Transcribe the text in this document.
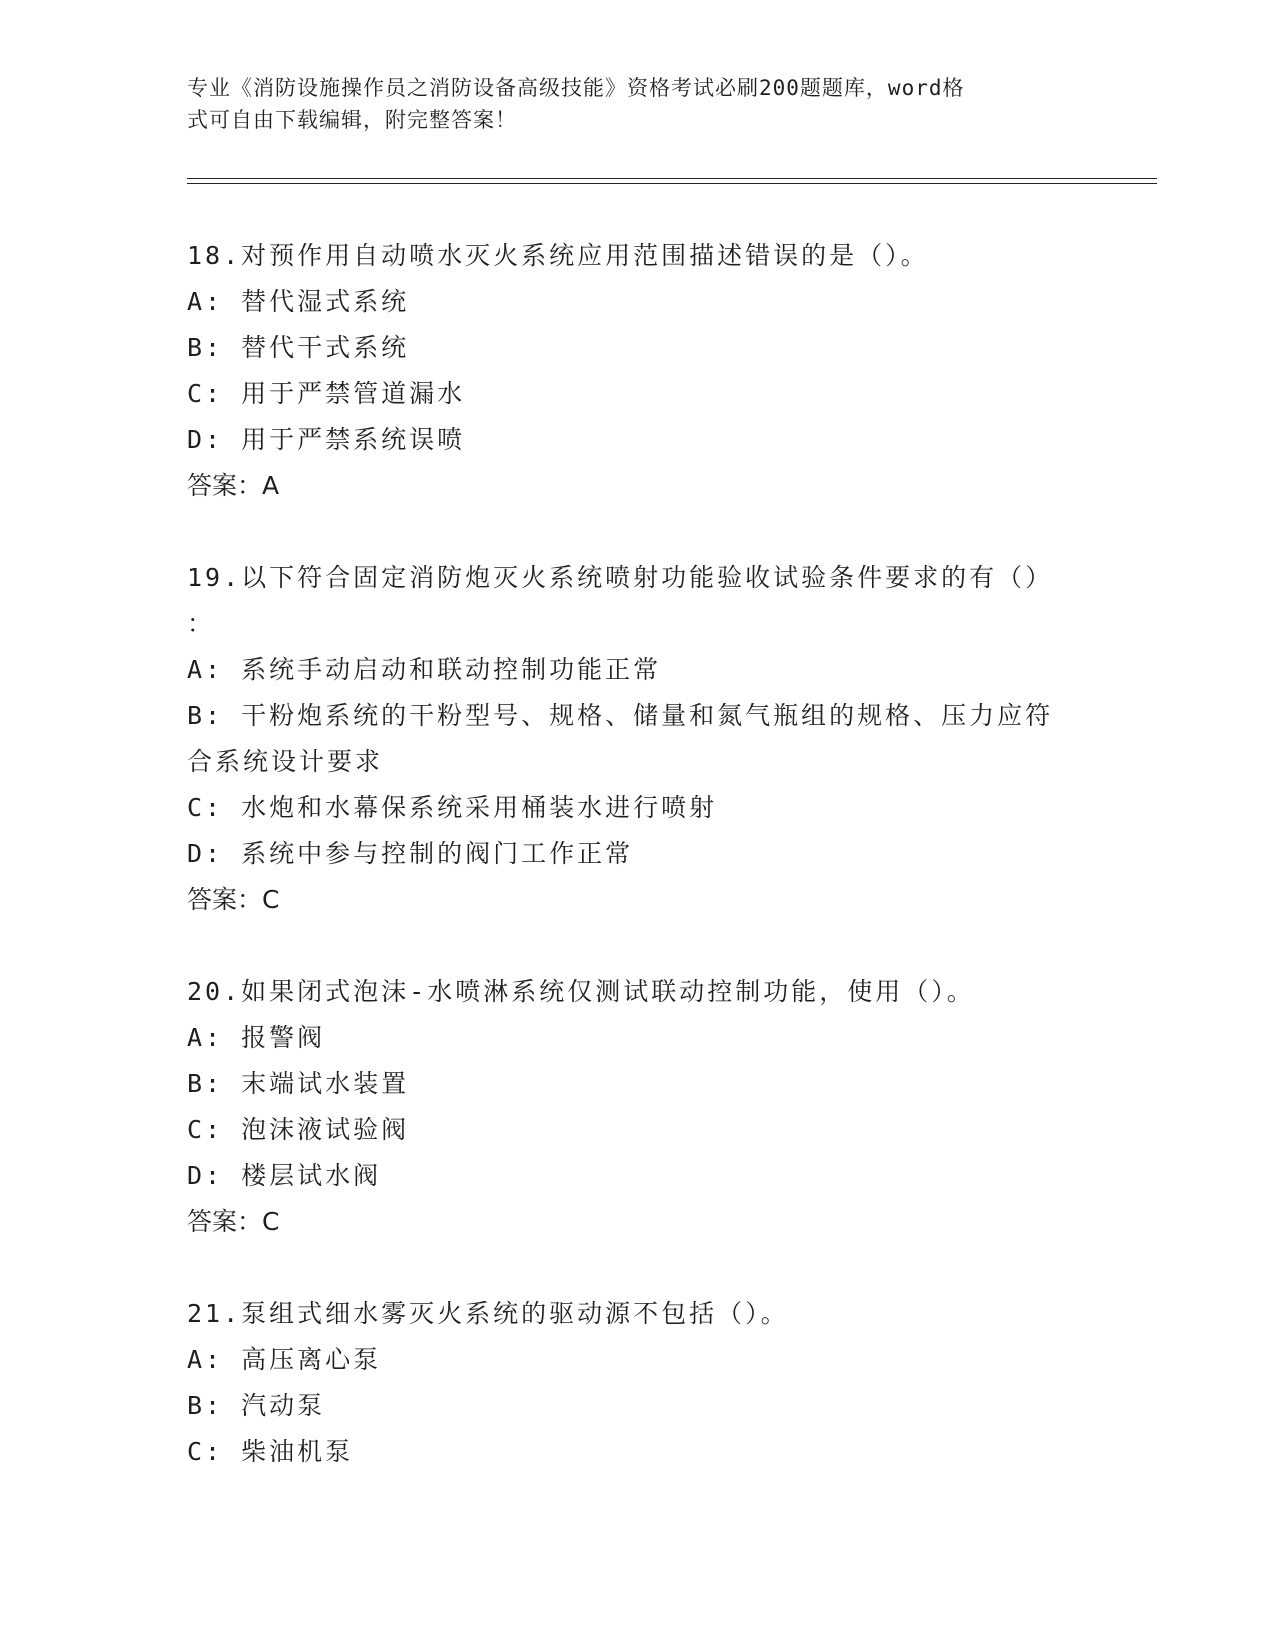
专业《消防设施操作员之消防设备高级技能》资格考试必刷200题题库，word格
式可自由下载编辑，附完整答案！
18.对预作用自动喷水灭火系统应用范围描述错误的是（）。
A: 替代湿式系统
B: 替代干式系统
C: 用于严禁管道漏水
D: 用于严禁系统误喷
答案：A
19.以下符合固定消防炮灭火系统喷射功能验收试验条件要求的有（）
：
A: 系统手动启动和联动控制功能正常
B: 干粉炮系统的干粉型号、规格、储量和氮气瓶组的规格、压力应符
合系统设计要求
C: 水炮和水幕保系统采用桶装水进行喷射
D: 系统中参与控制的阀门工作正常
答案：C
20.如果闭式泡沫-水喷淋系统仅测试联动控制功能，使用（）。
A: 报警阀
B: 末端试水装置
C: 泡沫液试验阀
D: 楼层试水阀
答案：C
21.泵组式细水雾灭火系统的驱动源不包括（）。
A: 高压离心泵
B: 汽动泵
C: 柴油机泵
